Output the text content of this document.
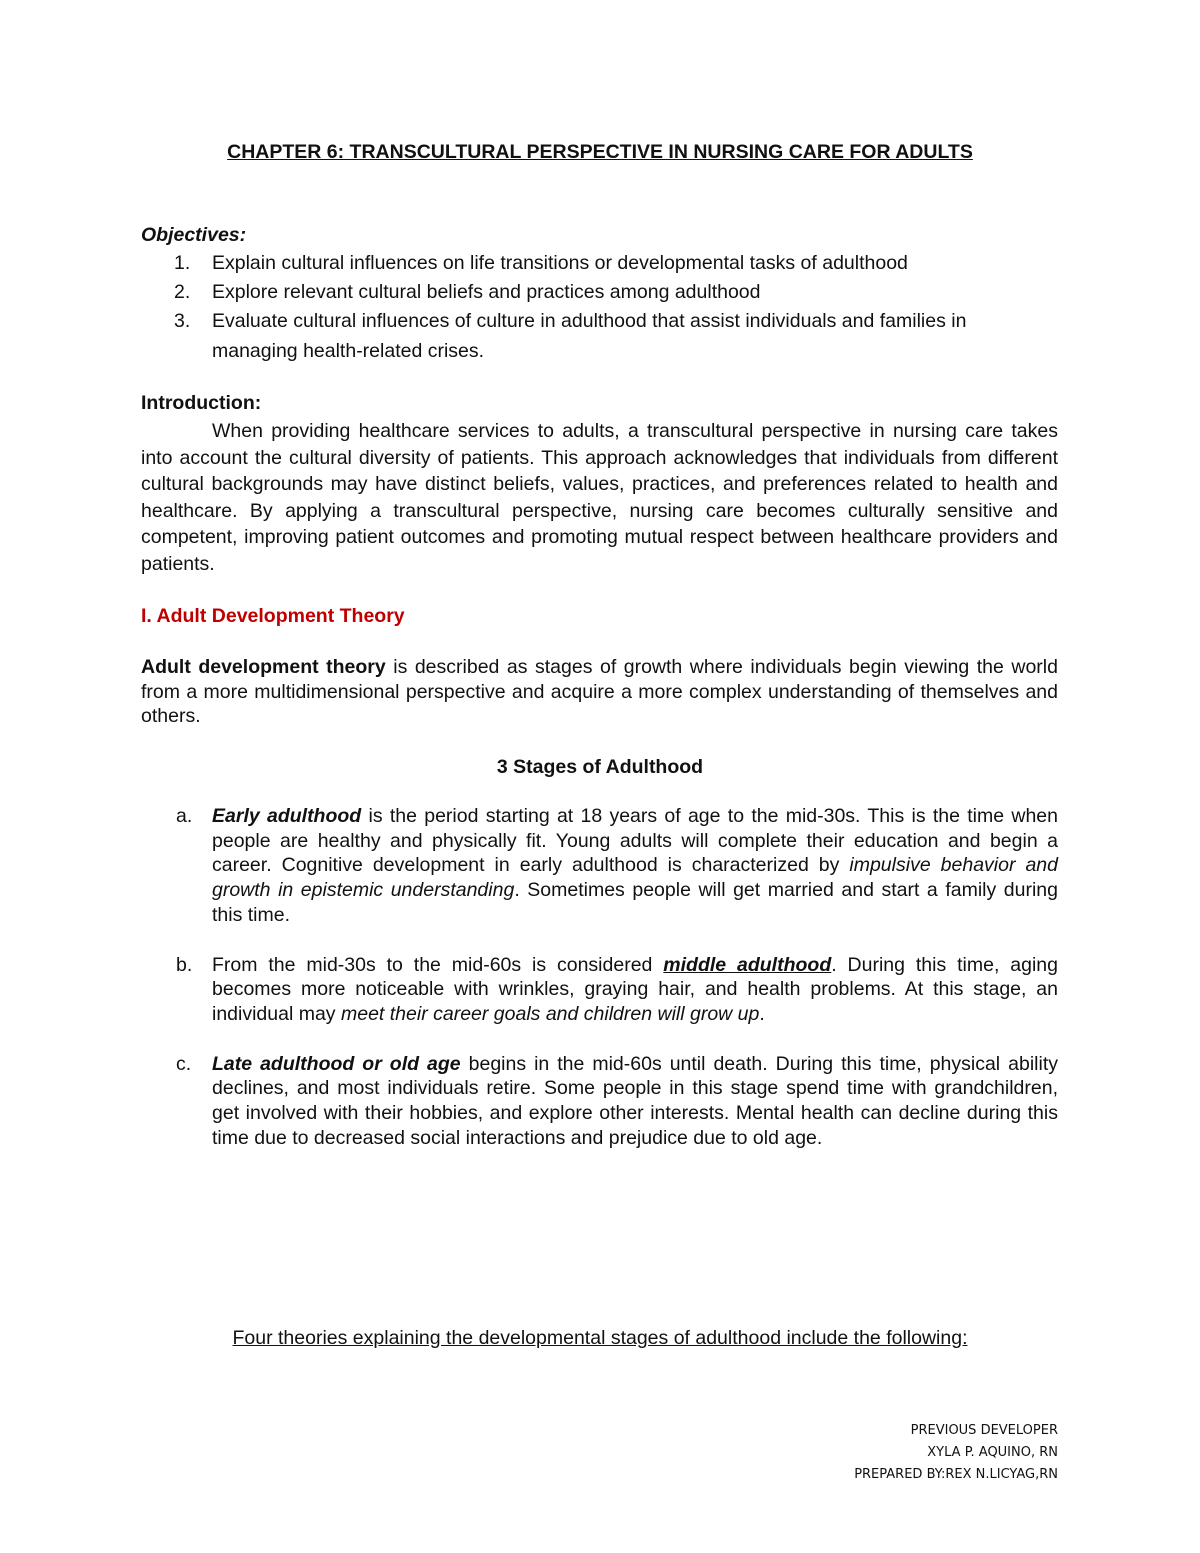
CHAPTER 6: TRANSCULTURAL PERSPECTIVE IN NURSING CARE FOR ADULTS
Objectives:
1. Explain cultural influences on life transitions or developmental tasks of adulthood
2. Explore relevant cultural beliefs and practices among adulthood
3. Evaluate cultural influences of culture in adulthood that assist individuals and families in
managing health-related crises.
Introduction:
When providing healthcare services to adults, a transcultural perspective in nursing care takes into account the cultural diversity of patients. This approach acknowledges that individuals from different cultural backgrounds may have distinct beliefs, values, practices, and preferences related to health and healthcare. By applying a transcultural perspective, nursing care becomes culturally sensitive and competent, improving patient outcomes and promoting mutual respect between healthcare providers and patients.
I. Adult Development Theory
Adult development theory is described as stages of growth where individuals begin viewing the world from a more multidimensional perspective and acquire a more complex understanding of themselves and others.
3 Stages of Adulthood
a. Early adulthood is the period starting at 18 years of age to the mid-30s. This is the time when people are healthy and physically fit. Young adults will complete their education and begin a career. Cognitive development in early adulthood is characterized by impulsive behavior and growth in epistemic understanding. Sometimes people will get married and start a family during this time.
b. From the mid-30s to the mid-60s is considered middle adulthood. During this time, aging becomes more noticeable with wrinkles, graying hair, and health problems. At this stage, an individual may meet their career goals and children will grow up.
c. Late adulthood or old age begins in the mid-60s until death. During this time, physical ability declines, and most individuals retire. Some people in this stage spend time with grandchildren, get involved with their hobbies, and explore other interests. Mental health can decline during this time due to decreased social interactions and prejudice due to old age.
Four theories explaining the developmental stages of adulthood include the following:
PREVIOUS DEVELOPER
XYLA P. AQUINO, RN
PREPARED BY:REX N.LICYAG,RN
